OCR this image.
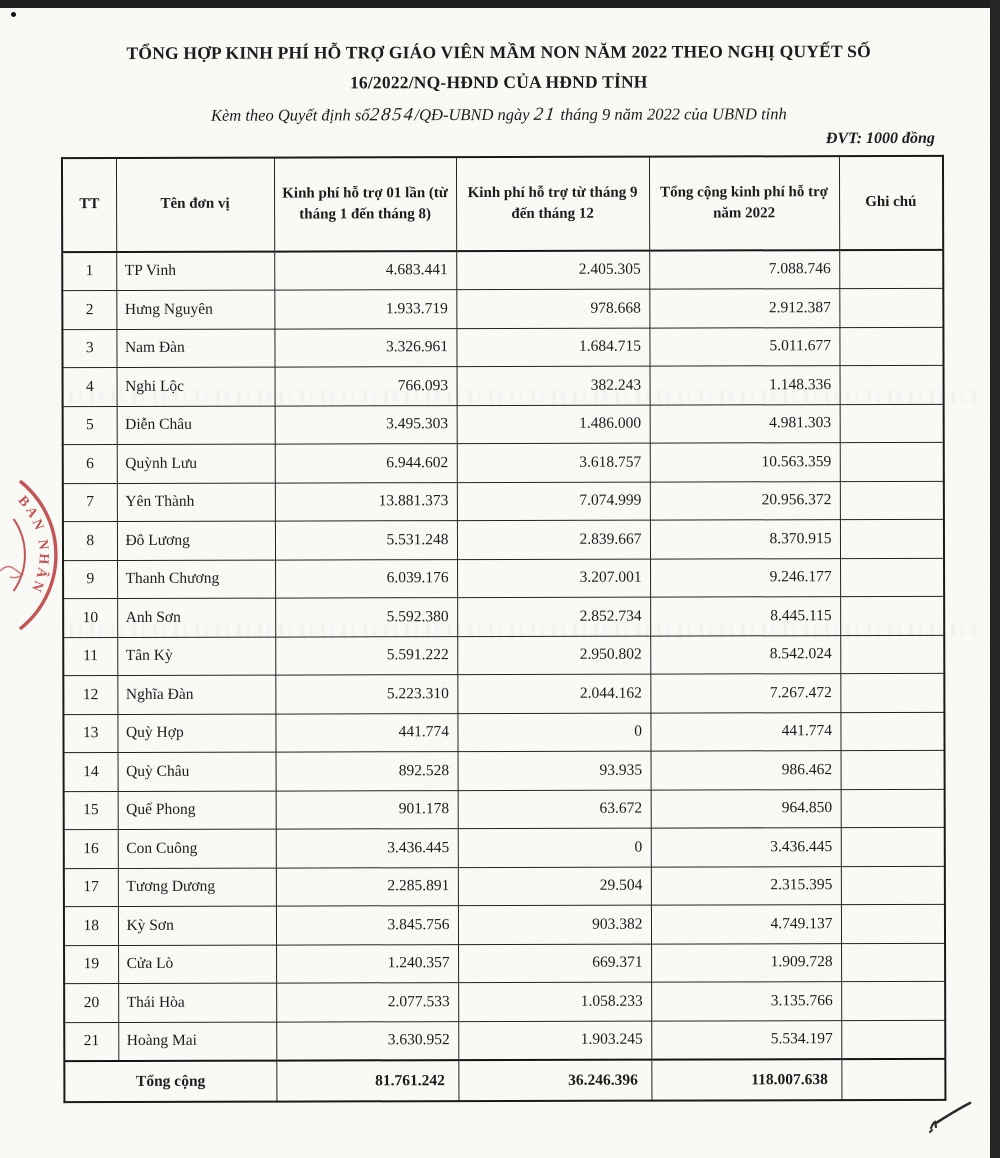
TỔNG HỢP KINH PHÍ HỖ TRỢ GIÁO VIÊN MẦM NON NĂM 2022 THEO NGHỊ QUYẾT SỐ
16/2022/NQ-HĐND CỦA HĐND TỈNH
Kèm theo Quyết định số2854/QĐ-UBND ngày 21 tháng 9 năm 2022 của UBND tỉnh
ĐVT: 1000 đồng
TT	Tên đơn vị	Kinh phí hỗ trợ 01 lần (từ tháng 1 đến tháng 8)	Kinh phí hỗ trợ từ tháng 9 đến tháng 12	Tổng cộng kinh phí hỗ trợ năm 2022	Ghi chú
1	TP Vinh	4.683.441	2.405.305	7.088.746	
2	Hưng Nguyên	1.933.719	978.668	2.912.387	
3	Nam Đàn	3.326.961	1.684.715	5.011.677	
4	Nghi Lộc	766.093	382.243	1.148.336	
5	Diễn Châu	3.495.303	1.486.000	4.981.303	
6	Quỳnh Lưu	6.944.602	3.618.757	10.563.359	
7	Yên Thành	13.881.373	7.074.999	20.956.372	
8	Đô Lương	5.531.248	2.839.667	8.370.915	
9	Thanh Chương	6.039.176	3.207.001	9.246.177	
10	Anh Sơn	5.592.380	2.852.734	8.445.115	
11	Tân Kỳ	5.591.222	2.950.802	8.542.024	
12	Nghĩa Đàn	5.223.310	2.044.162	7.267.472	
13	Quỳ Hợp	441.774	0	441.774	
14	Quỳ Châu	892.528	93.935	986.462	
15	Quế Phong	901.178	63.672	964.850	
16	Con Cuông	3.436.445	0	3.436.445	
17	Tương Dương	2.285.891	29.504	2.315.395	
18	Kỳ Sơn	3.845.756	903.382	4.749.137	
19	Cửa Lò	1.240.357	669.371	1.909.728	
20	Thái Hòa	2.077.533	1.058.233	3.135.766	
21	Hoàng Mai	3.630.952	1.903.245	5.534.197	
Tổng cộng		81.761.242	36.246.396	118.007.638	
BAN NHÂN
